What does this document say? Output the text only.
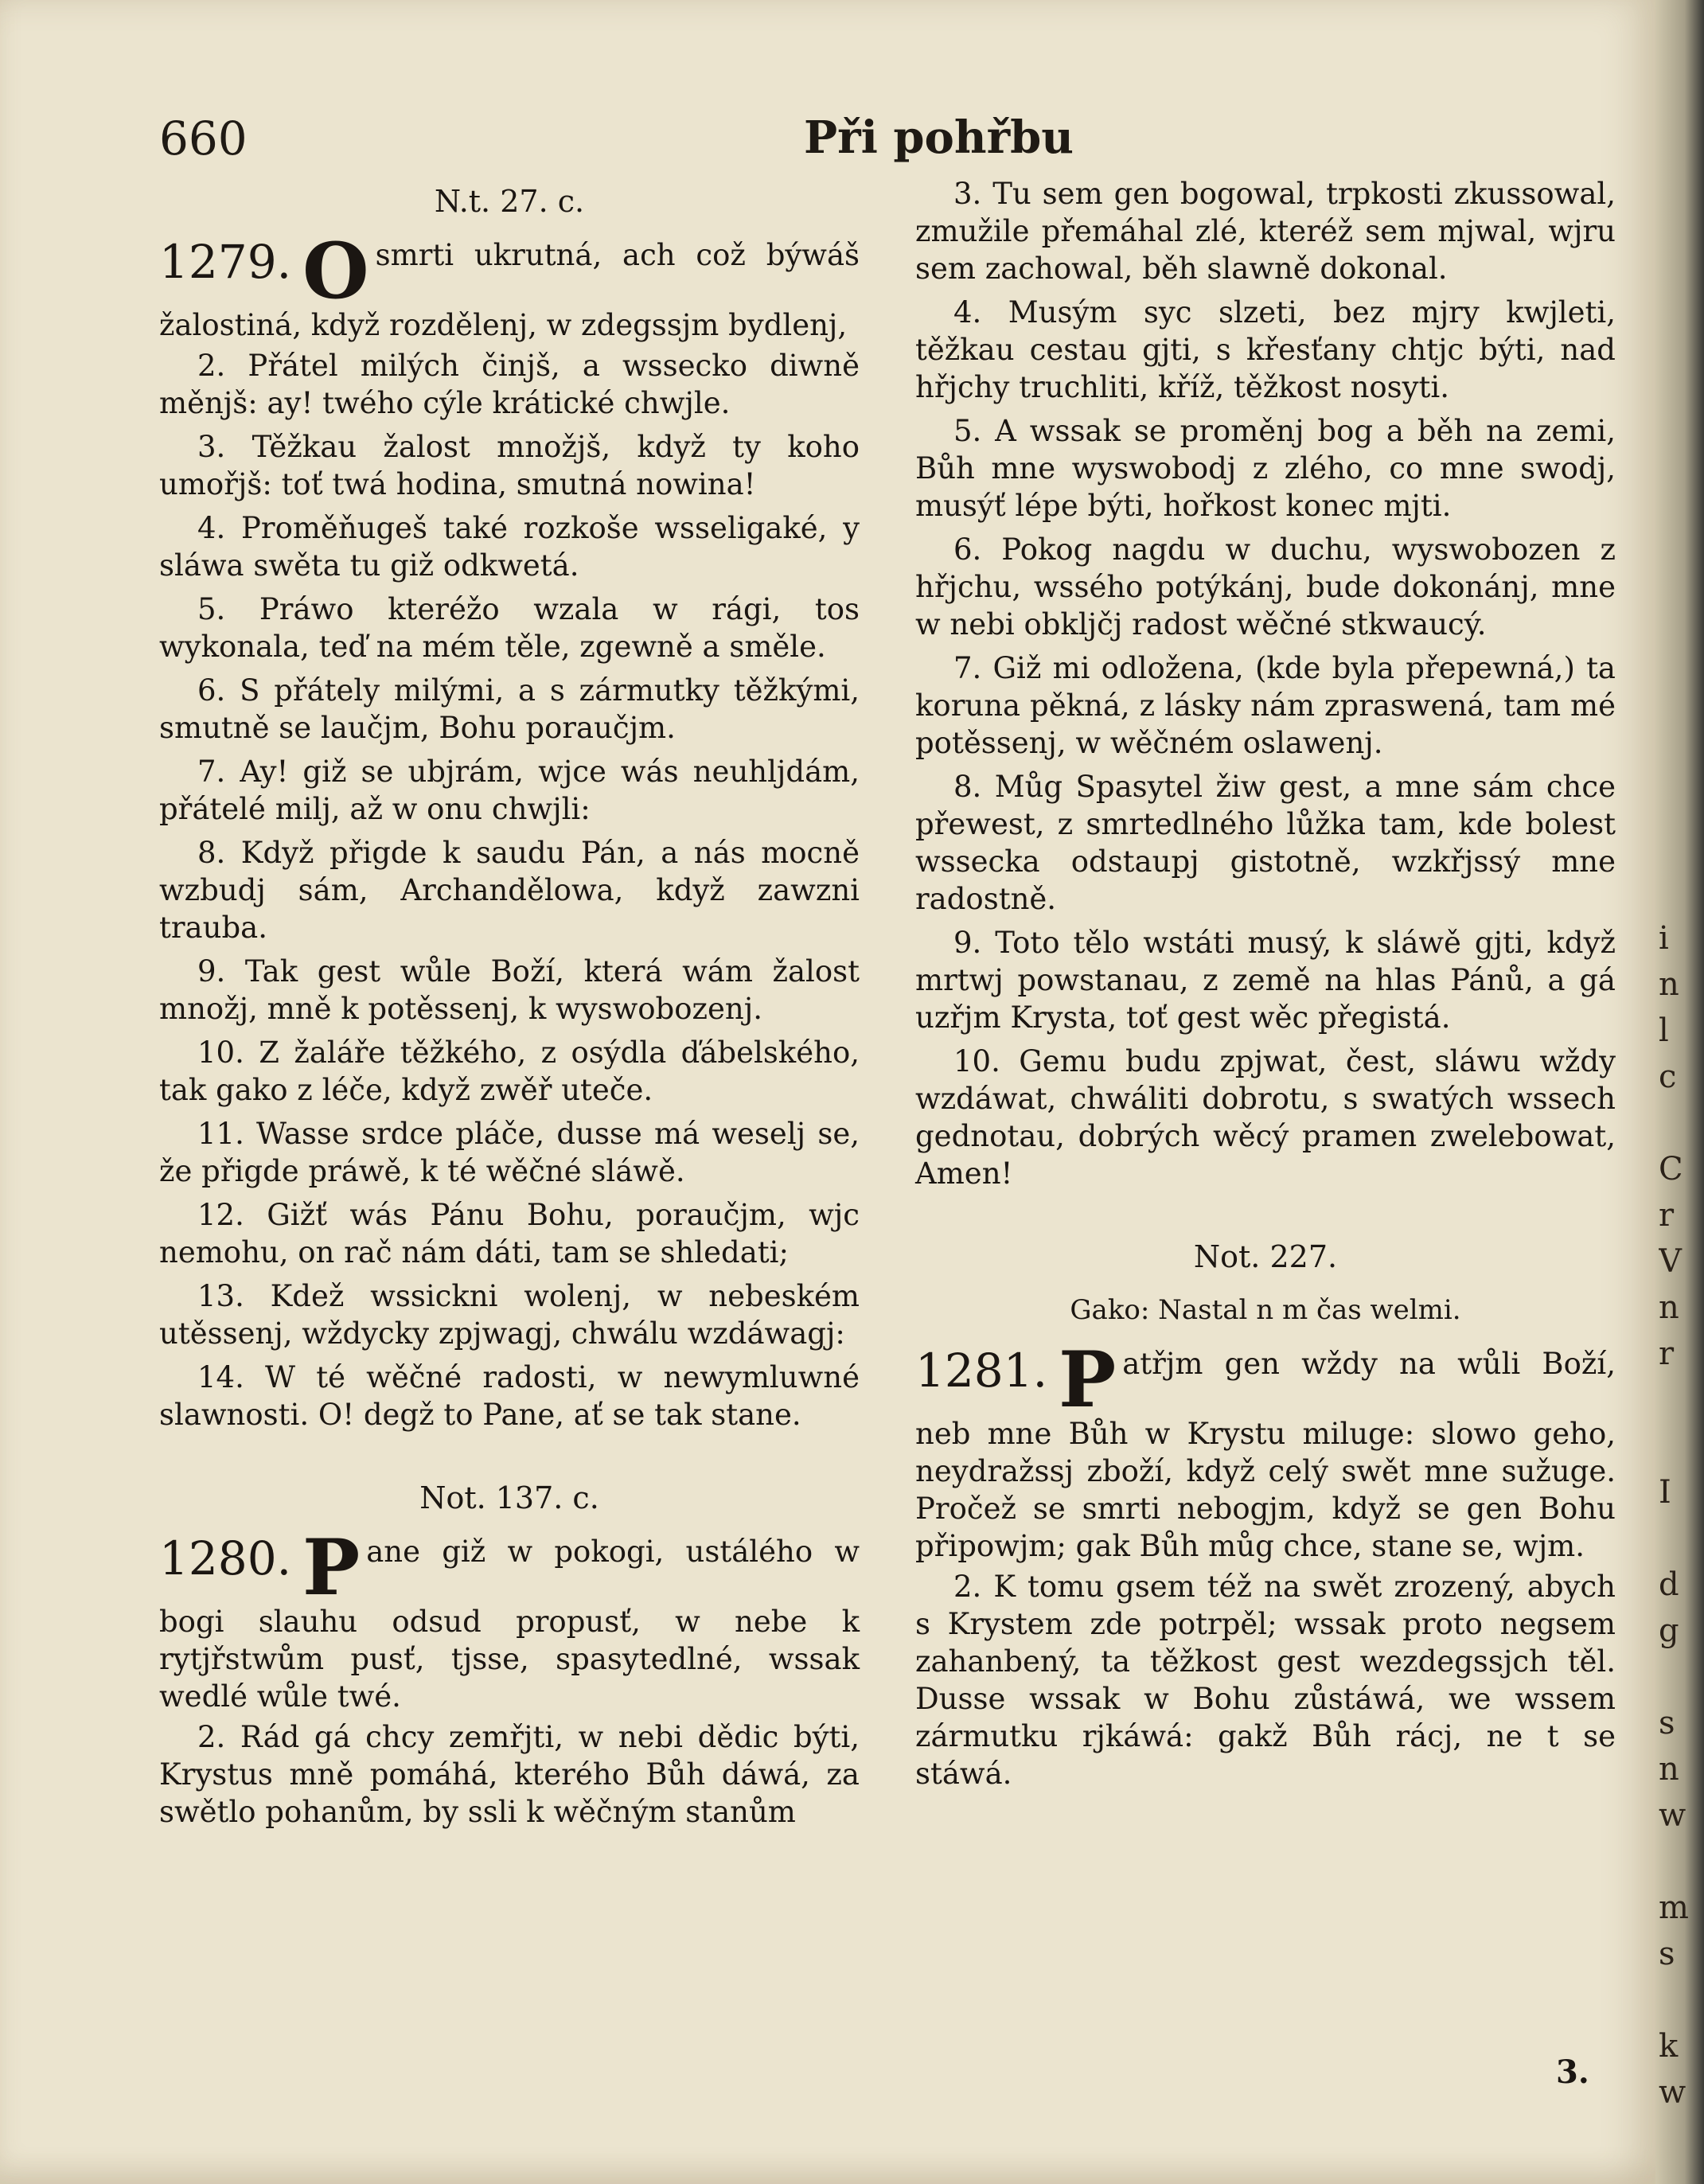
660	Při pohřbu
N.t. 27. c.
1279. O smrti ukrutná, ach což býwáš žalostiná, když rozdělenj, w zdegssjm bydlenj,
2. Přátel milých činjš, a wssecko diwně měnjš: ay! twého cýle krátické chwjle.
3. Těžkau žalost množjš, když ty koho umořjš: toť twá hodina, smutná nowina!
4. Proměňugeš také rozkoše wsseligaké, y sláwa swěta tu giž odkwetá.
5. Práwo kteréžo wzala w rági, tos wykonala, teď na mém těle, zgewně a směle.
6. S přátely milými, a s zármutky těžkými, smutně se laučjm, Bohu poraučjm.
7. Ay! giž se ubjrám, wjce wás neuhljdám, přátelé milj, až w onu chwjli:
8. Když přigde k saudu Pán, a nás mocně wzbudj sám, Archandělowa, když zawzni trauba.
9. Tak gest wůle Boží, která wám žalost množj, mně k potěssenj, k wyswobozenj.
10. Z žaláře těžkého, z osýdla ďábelského, tak gako z léče, když zwěř uteče.
11. Wasse srdce pláče, dusse má weselj se, že přigde práwě, k té wěčné sláwě.
12. Gižť wás Pánu Bohu, poraučjm, wjc nemohu, on rač nám dáti, tam se shledati;
13. Kdež wssickni wolenj, w nebeském utěssenj, wždycky zpjwagj, chwálu wzdáwagj:
14. W té wěčné radosti, w newymluwné slawnosti. O! degž to Pane, ať se tak stane.
Not. 137. c.
1280. P ane giž w pokogi, ustálého w bogi slauhu odsud propusť, w nebe k rytjřstwům pusť, tjsse, spasytedlné, wssak wedlé wůle twé.
2. Rád gá chcy zemřjti, w nebi dědic býti, Krystus mně pomáhá, kterého Bůh dáwá, za swětlo pohanům, by ssli k wěčným stanům
3. Tu sem gen bogowal, trpkosti zkussowal, zmužile přemáhal zlé, kteréž sem mjwal, wjru sem zachowal, běh slawně dokonal.
4. Musým syc slzeti, bez mjry kwjleti, těžkau cestau gjti, s křesťany chtjc býti, nad hřjchy truchliti, kříž, těžkost nosyti.
5. A wssak se proměnj bog a běh na zemi, Bůh mne wyswobodj z zlého, co mne swodj, musýť lépe býti, hořkost konec mjti.
6. Pokog nagdu w duchu, wyswobozen z hřjchu, wssého potýkánj, bude dokonánj, mne w nebi obkljčj radost wěčné stkwaucý.
7. Giž mi odložena, (kde byla přepewná,) ta koruna pěkná, z lásky nám zpraswená, tam mé potěssenj, w wěčném oslawenj.
8. Můg Spasytel žiw gest, a mne sám chce přewest, z smrtedlného lůžka tam, kde bolest wssecka odstaupj gistotně, wzkřjssý mne radostně.
9. Toto tělo wstáti musý, k sláwě gjti, když mrtwj powstanau, z země na hlas Pánů, a gá uzřjm Krysta, toť gest wěc přegistá.
10. Gemu budu zpjwat, čest, sláwu wždy wzdáwat, chwáliti dobrotu, s swatých wssech gednotau, dobrých wěcý pramen zwelebowat, Amen!
Not. 227.
Gako: Nastal n m čas welmi.
1281. P atřjm gen wždy na wůli Boží, neb mne Bůh w Krystu miluge: slowo geho, neydražssj zboží, když celý swět mne sužuge. Pročež se smrti nebogjm, když se gen Bohu připowjm; gak Bůh můg chce, stane se, wjm.
2. K tomu gsem též na swět zrozený, abych s Krystem zde potrpěl; wssak proto negsem zahanbený, ta těžkost gest wezdegssjch těl. Dusse wssak w Bohu zůstáwá, we wssem zármutku rjkáwá: gakž Bůh rácj, ne t se stáwá.
3.
i
n
l
c
C
r
V
n
r
I
d
g
s
n
w
m
s
k
w
